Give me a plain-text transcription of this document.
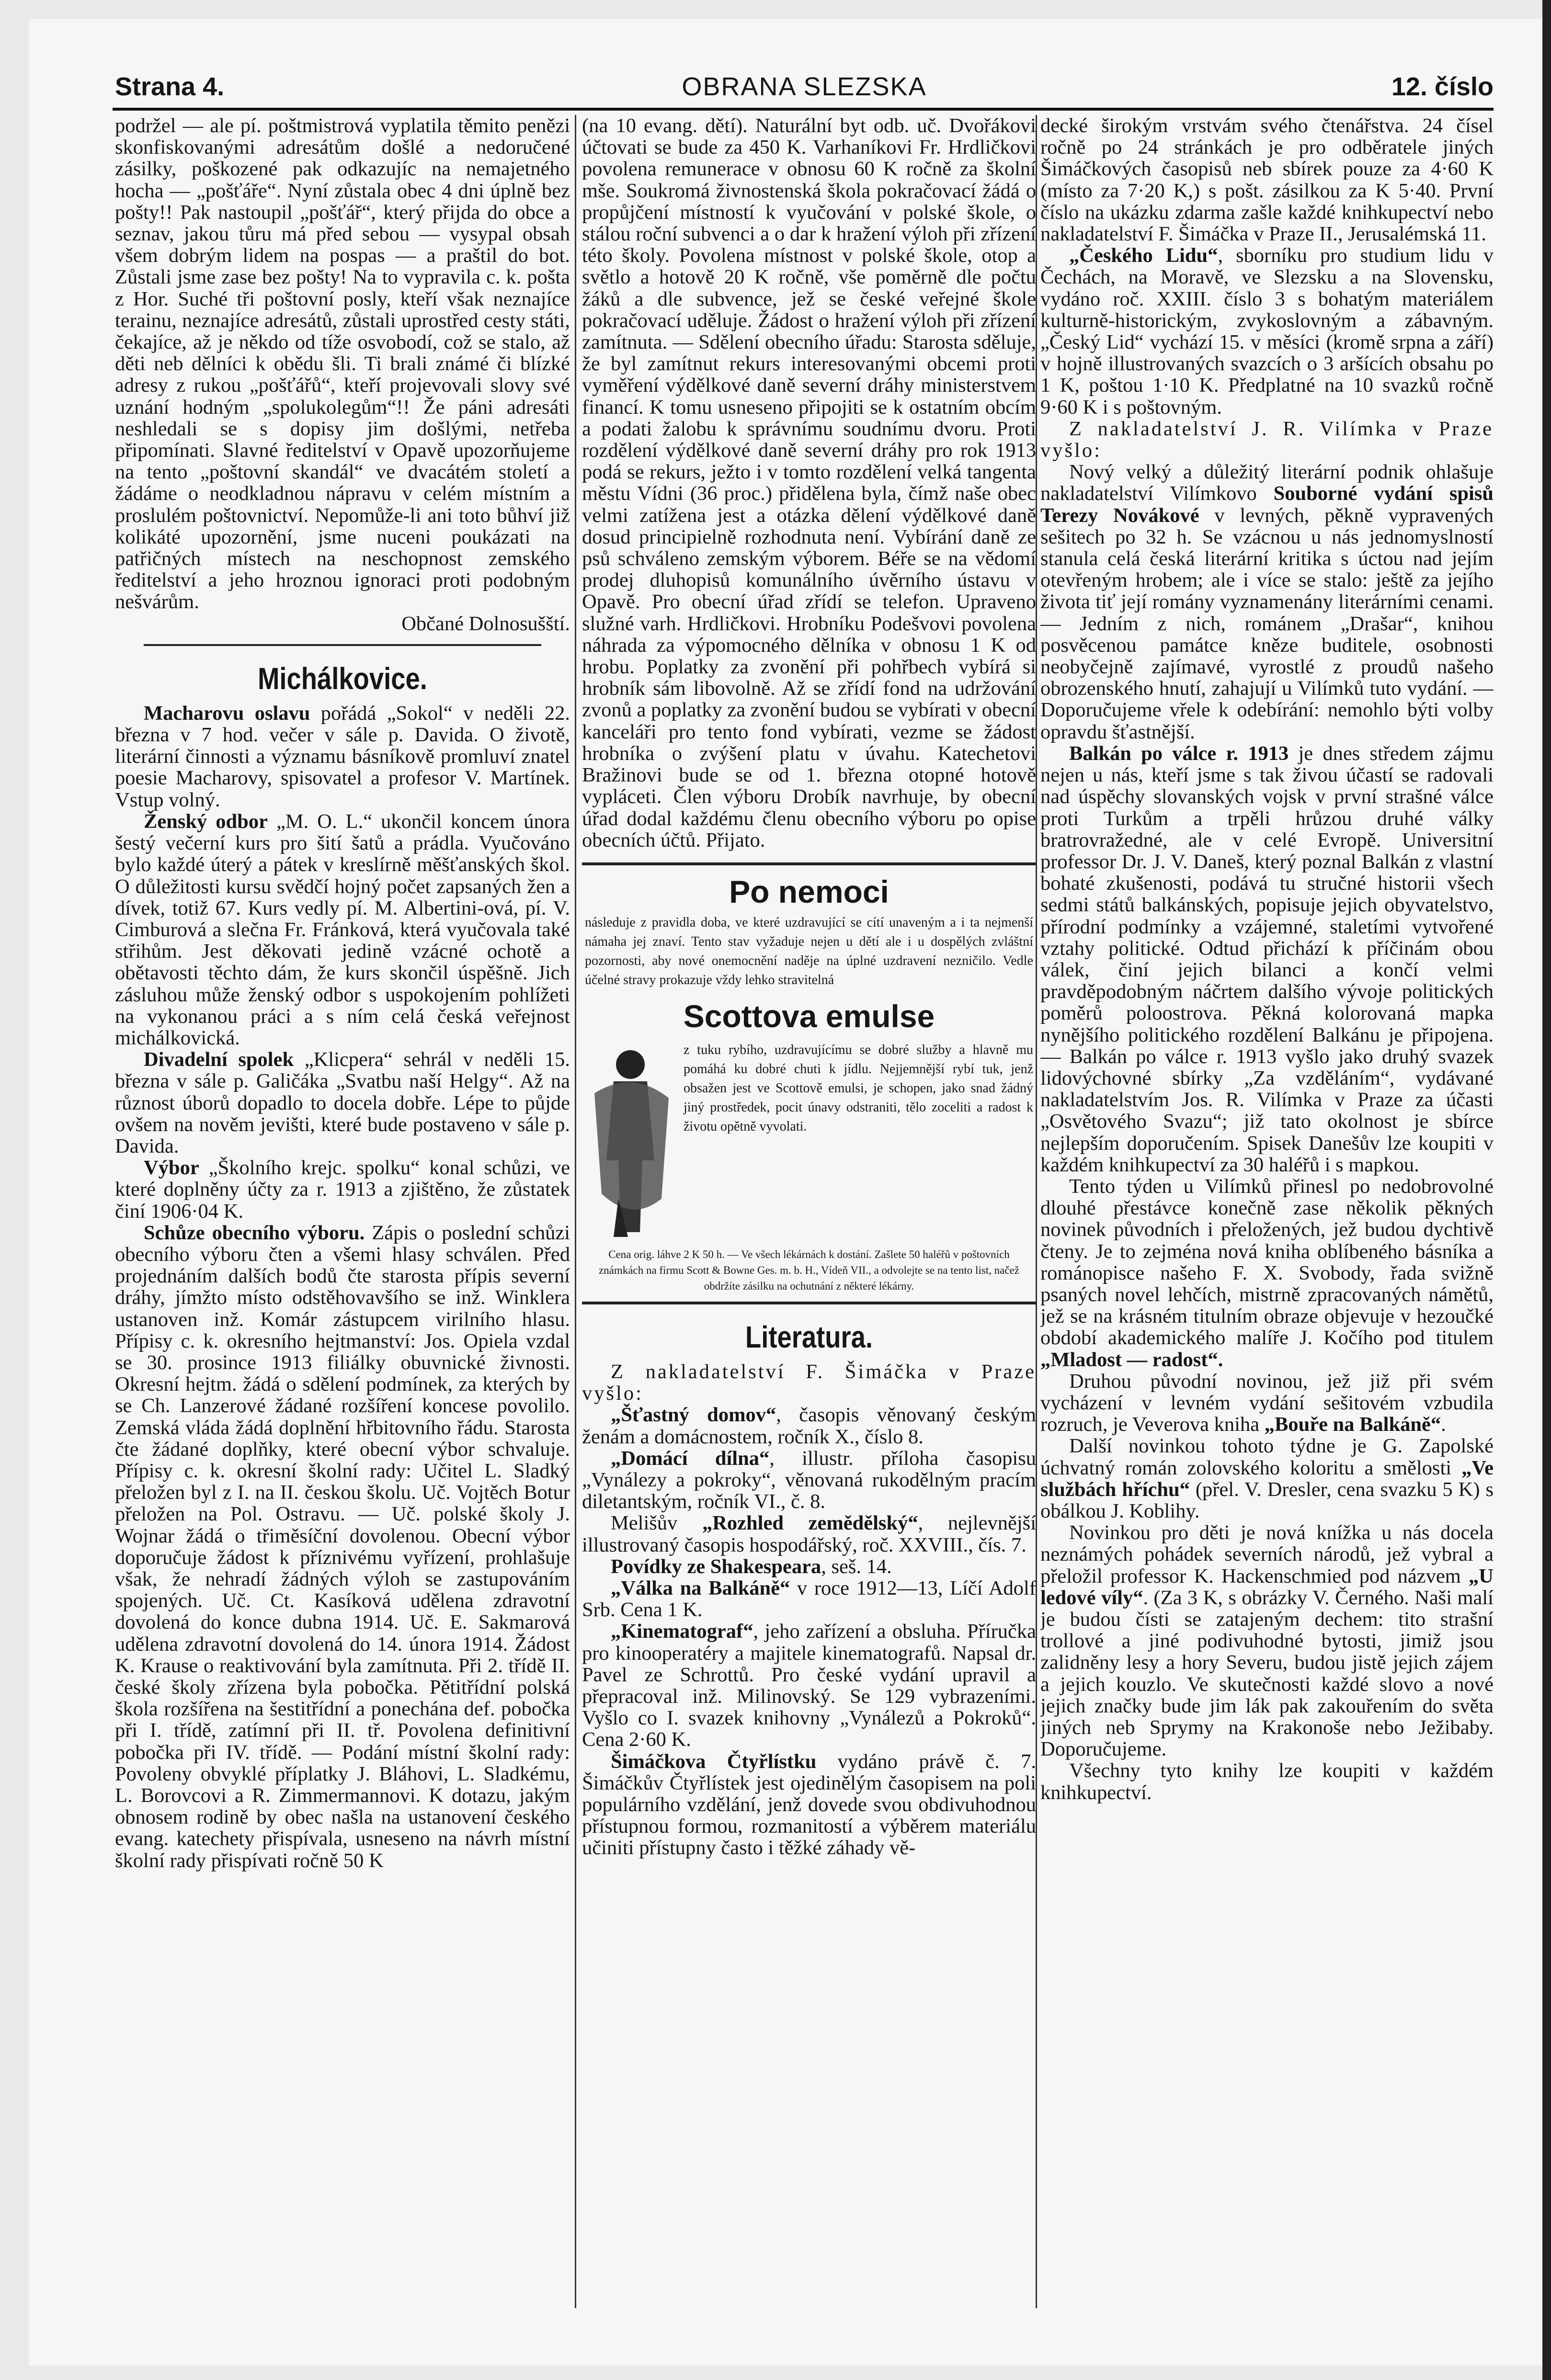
Strana 4.	OBRANA SLEZSKA	12. číslo

podržel — ale pí. poštmistrová vyplatila těmito penězi skonfiskovanými adresátům došlé a nedoručené zásilky, poškozené pak odkazujíc na nemajetného hocha — „pošťáře“. Nyní zůstala obec 4 dni úplně bez pošty!! Pak nastoupil „pošťář“, který přijda do obce a seznav, jakou tůru má před sebou — vysypal obsah všem dobrým lidem na pospas — a praštil do bot. Zůstali jsme zase bez pošty! Na to vypravila c. k. pošta z Hor. Suché tři poštovní posly, kteří však neznajíce terainu, neznajíce adresátů, zůstali uprostřed cesty státi, čekajíce, až je někdo od tíže osvobodí, což se stalo, až děti neb dělníci k obědu šli. Ti brali známé či blízké adresy z rukou „pošťářů“, kteří projevovali slovy své uznání hodným „spolukolegům“!! Že páni adresáti neshledali se s dopisy jim došlými, netřeba připomínati. Slavné ředitelství v Opavě upozorňujeme na tento „poštovní skandál“ ve dvacátém století a žádáme o neodkladnou nápravu v celém místním a proslulém poštovnictví. Nepomůže-li ani toto bůhví již kolikáté upozornění, jsme nuceni poukázati na patřičných místech na neschopnost zemského ředitelství a jeho hroznou ignoraci proti podobným nešvárům.

Občané Dolnosušští.

Michálkovice.

Macharovu oslavu pořádá „Sokol“ v neděli 22. března v 7 hod. večer v sále p. Davida. O životě, literární činnosti a významu básníkově promluví znatel poesie Macharovy, spisovatel a profesor V. Martínek. Vstup volný.

Ženský odbor „M. O. L.“ ukončil koncem února šestý večerní kurs pro šití šatů a prádla. Vyučováno bylo každé úterý a pátek v kreslírně měšťanských škol. O důležitosti kursu svědčí hojný počet zapsaných žen a dívek, totiž 67. Kurs vedly pí. M. Albertini-ová, pí. V. Cimburová a slečna Fr. Fránková, která vyučovala také střihům. Jest děkovati jedině vzácné ochotě a obětavosti těchto dám, že kurs skončil úspěšně. Jich zásluhou může ženský odbor s uspokojením pohlížeti na vykonanou práci a s ním celá česká veřejnost michálkovická.

Divadelní spolek „Klicpera“ sehrál v neděli 15. března v sále p. Galičáka „Svatbu naší Helgy“. Až na různost úborů dopadlo to docela dobře. Lépe to půjde ovšem na nověm jevišti, které bude postaveno v sále p. Davida.

Výbor „Školního krejc. spolku“ konal schůzi, ve které doplněny účty za r. 1913 a zjištěno, že zůstatek činí 1906·04 K.

Schůze obecního výboru. Zápis o poslední schůzi obecního výboru čten a všemi hlasy schválen. Před projednáním dalších bodů čte starosta přípis severní dráhy, jímžto místo odstěhovavšího se inž. Winklera ustanoven inž. Komár zástupcem virilního hlasu. Přípisy c. k. okresního hejtmanství: Jos. Opiela vzdal se 30. prosince 1913 filiálky obuvnické živnosti. Okresní hejtm. žádá o sdělení podmínek, za kterých by se Ch. Lanzerové žádané rozšíření koncese povolilo. Zemská vláda žádá doplnění hřbitovního řádu. Starosta čte žádané doplňky, které obecní výbor schvaluje. Přípisy c. k. okresní školní rady: Učitel L. Sladký přeložen byl z I. na II. českou školu. Uč. Vojtěch Botur přeložen na Pol. Ostravu. — Uč. polské školy J. Wojnar žádá o třiměsíční dovolenou. Obecní výbor doporučuje žádost k příznivému vyřízení, prohlašuje však, že nehradí žádných výloh se zastupováním spojených. Uč. Ct. Kasíková udělena zdravotní dovolená do konce dubna 1914. Uč. E. Sakmarová udělena zdravotní dovolená do 14. února 1914. Žádost K. Krause o reaktivování byla zamítnuta. Při 2. třídě II. české školy zřízena byla pobočka. Pětitřídní polská škola rozšířena na šestitřídní a ponechána def. pobočka při I. třídě, zatímní při II. tř. Povolena definitivní pobočka při IV. třídě. — Podání místní školní rady: Povoleny obvyklé příplatky J. Bláhovi, L. Sladkému, L. Borovcovi a R. Zimmermannovi. K dotazu, jakým obnosem rodině by obec našla na ustanovení českého evang. katechety přispívala, usneseno na návrh místní školní rady přispívati ročně 50 K

(na 10 evang. dětí). Naturální byt odb. uč. Dvořákovi účtovati se bude za 450 K. Varhaníkovi Fr. Hrdličkovi povolena remunerace v obnosu 60 K ročně za školní mše. Soukromá živnostenská škola pokračovací žádá o propůjčení místností k vyučování v polské škole, o stálou roční subvenci a o dar k hražení výloh při zřízení této školy. Povolena místnost v polské škole, otop a světlo a hotově 20 K ročně, vše poměrně dle počtu žáků a dle subvence, jež se české veřejné škole pokračovací uděluje. Žádost o hražení výloh při zřízení zamítnuta. — Sdělení obecního úřadu: Starosta sděluje, že byl zamítnut rekurs interesovanými obcemi proti vyměření výdělkové daně severní dráhy ministerstvem financí. K tomu usneseno připojiti se k ostatním obcím a podati žalobu k správnímu soudnímu dvoru. Proti rozdělení výdělkové daně severní dráhy pro rok 1913 podá se rekurs, ježto i v tomto rozdělení velká tangenta městu Vídni (36 proc.) přidělena byla, čímž naše obec velmi zatížena jest a otázka dělení výdělkové daně dosud principielně rozhodnuta není. Vybírání daně ze psů schváleno zemským výborem. Béře se na vědomí prodej dluhopisů komunálního úvěrního ústavu v Opavě. Pro obecní úřad zřídí se telefon. Upraveno služné varh. Hrdličkovi. Hrobníku Podešvovi povolena náhrada za výpomocného dělníka v obnosu 1 K od hrobu. Poplatky za zvonění při pohřbech vybírá si hrobník sám libovolně. Až se zřídí fond na udržování zvonů a poplatky za zvonění budou se vybírati v obecní kanceláři pro tento fond vybírati, vezme se žádost hrobníka o zvýšení platu v úvahu. Katechetovi Bražinovi bude se od 1. března otopné hotově vypláceti. Člen výboru Drobík navrhuje, by obecní úřad dodal každému členu obecního výboru po opise obecních účtů. Přijato.

Po nemoci

následuje z pravidla doba, ve které uzdravující se cítí unaveným a i ta nejmenší námaha jej znaví. Tento stav vyžaduje nejen u dětí ale i u dospělých zvláštní pozornosti, aby nové onemocnění naděje na úplné uzdravení nezničilo. Vedle účelné stravy prokazuje vždy lehko stravitelná

Scottova emulse

z tuku rybího, uzdravujícímu se dobré služby a hlavně mu pomáhá ku dobré chuti k jídlu. Nejjemnější rybí tuk, jenž obsažen jest ve Scottově emulsi, je schopen, jako snad žádný jiný prostředek, pocit únavy odstraniti, tělo zoceliti a radost k životu opětně vyvolati.

Cena orig. láhve 2 K 50 h. — Ve všech lékárnách k dostání. Zašlete 50 haléřů v poštovních známkách na firmu Scott & Bowne Ges. m. b. H., Vídeň VII., a odvolejte se na tento list, načež obdržíte zásilku na ochutnání z některé lékárny.
Literatura.

Z nakladatelství F. Šimáčka v Praze vyšlo:

„Šťastný domov“, časopis věnovaný českým ženám a domácnostem, ročník X., číslo 8.

„Domácí dílna“, illustr. příloha časopisu „Vynálezy a pokroky“, věnovaná rukodělným pracím diletantským, ročník VI., č. 8.

Melišův „Rozhled zemědělský“, nejlevnější illustrovaný časopis hospodářský, roč. XXVIII., čís. 7.

Povídky ze Shakespeara, seš. 14.

„Válka na Balkáně“ v roce 1912—13, Líčí Adolf Srb. Cena 1 K.

„Kinematograf“, jeho zařízení a obsluha. Příručka pro kinooperatéry a majitele kinematografů. Napsal dr. Pavel ze Schrottů. Pro české vydání upravil a přepracoval inž. Milinovský. Se 129 vybrazeními. Vyšlo co I. svazek knihovny „Vynálezů a Pokroků“. Cena 2·60 K.

Šimáčkova Čtyřlístku vydáno právě č. 7. Šimáčkův Čtyřlístek jest ojedinělým časopisem na poli populárního vzdělání, jenž dovede svou obdivuhodnou přístupnou formou, rozmanitostí a výběrem materiálu učiniti přístupny často i těžké záhady vě-

decké širokým vrstvám svého čtenářstva. 24 čísel ročně po 24 stránkách je pro odběratele jiných Šimáčkových časopisů neb sbírek pouze za 4·60 K (místo za 7·20 K,) s pošt. zásilkou za K 5·40. První číslo na ukázku zdarma zašle každé knihkupectví nebo nakladatelství F. Šimáčka v Praze II., Jerusalémská 11.

„Českého Lidu“, sborníku pro studium lidu v Čechách, na Moravě, ve Slezsku a na Slovensku, vydáno roč. XXIII. číslo 3 s bohatým materiálem kulturně-historickým, zvykoslovným a zábavným. „Český Lid“ vychází 15. v měsíci (kromě srpna a září) v hojně illustrovaných svazcích o 3 aršících obsahu po 1 K, poštou 1·10 K. Předplatné na 10 svazků ročně 9·60 K i s poštovným.

Z nakladatelství J. R. Vilímka v Praze vyšlo:

Nový velký a důležitý literární podnik ohlašuje nakladatelství Vilímkovo Souborné vydání spisů Terezy Novákové v levných, pěkně vypravených sešitech po 32 h. Se vzácnou u nás jednomyslností stanula celá česká literární kritika s úctou nad jejím otevřeným hrobem; ale i více se stalo: ještě za jejího života tiť její romány vyznamenány literárními cenami. — Jedním z nich, románem „Drašar“, knihou posvěcenou památce kněze buditele, osobnosti neobyčejně zajímavé, vyrostlé z proudů našeho obrozenského hnutí, zahajují u Vilímků tuto vydání. — Doporučujeme vřele k odebírání: nemohlo býti volby opravdu šťastnější.

Balkán po válce r. 1913 je dnes středem zájmu nejen u nás, kteří jsme s tak živou účastí se radovali nad úspěchy slovanských vojsk v první strašné válce proti Turkům a trpěli hrůzou druhé války bratrovražedné, ale v celé Evropě. Universitní professor Dr. J. V. Daneš, který poznal Balkán z vlastní bohaté zkušenosti, podává tu stručné historii všech sedmi států balkánských, popisuje jejich obyvatelstvo, přírodní podmínky a vzájemné, staletími vytvořené vztahy politické. Odtud přichází k příčinám obou válek, činí jejich bilanci a končí velmi pravděpodobným náčrtem dalšího vývoje politických poměrů poloostrova. Pěkná kolorovaná mapka nynějšího politického rozdělení Balkánu je připojena. — Balkán po válce r. 1913 vyšlo jako druhý svazek lidovýchovné sbírky „Za vzděláním“, vydávané nakladatelstvím Jos. R. Vilímka v Praze za účasti „Osvětového Svazu“; již tato okolnost je sbírce nejlepším doporučením. Spisek Danešův lze koupiti v každém knihkupectví za 30 haléřů i s mapkou.

Tento týden u Vilímků přinesl po nedobrovolné dlouhé přestávce konečně zase několik pěkných novinek původních i přeložených, jež budou dychtivě čteny. Je to zejména nová kniha oblíbeného básníka a románopisce našeho F. X. Svobody, řada svižně psaných novel lehčích, mistrně zpracovaných námětů, jež se na krásném titulním obraze objevuje v hezoučké období akademického malíře J. Kočího pod titulem „Mladost — radost“.

Druhou původní novinou, jež již při svém vycházení v levném vydání sešitovém vzbudila rozruch, je Veverova kniha „Bouře na Balkáně“.

Další novinkou tohoto týdne je G. Zapolské úchvatný román zolovského koloritu a smělosti „Ve službách hříchu“ (přel. V. Dresler, cena svazku 5 K) s obálkou J. Koblihy.

Novinkou pro děti je nová knížka u nás docela neznámých pohádek severních národů, jež vybral a přeložil professor K. Hackenschmied pod názvem „U ledové víly“. (Za 3 K, s obrázky V. Černého. Naši malí je budou čísti se zatajeným dechem: tito strašní trollové a jiné podivuhodné bytosti, jimiž jsou zalidněny lesy a hory Severu, budou jistě jejich zájem a jejich kouzlo. Ve skutečnosti každé slovo a nové jejich značky bude jim lák pak zakouřením do světa jiných neb Sprymy na Krakonoše nebo Ježibaby. Doporučujeme.

Všechny tyto knihy lze koupiti v každém knihkupectví.
